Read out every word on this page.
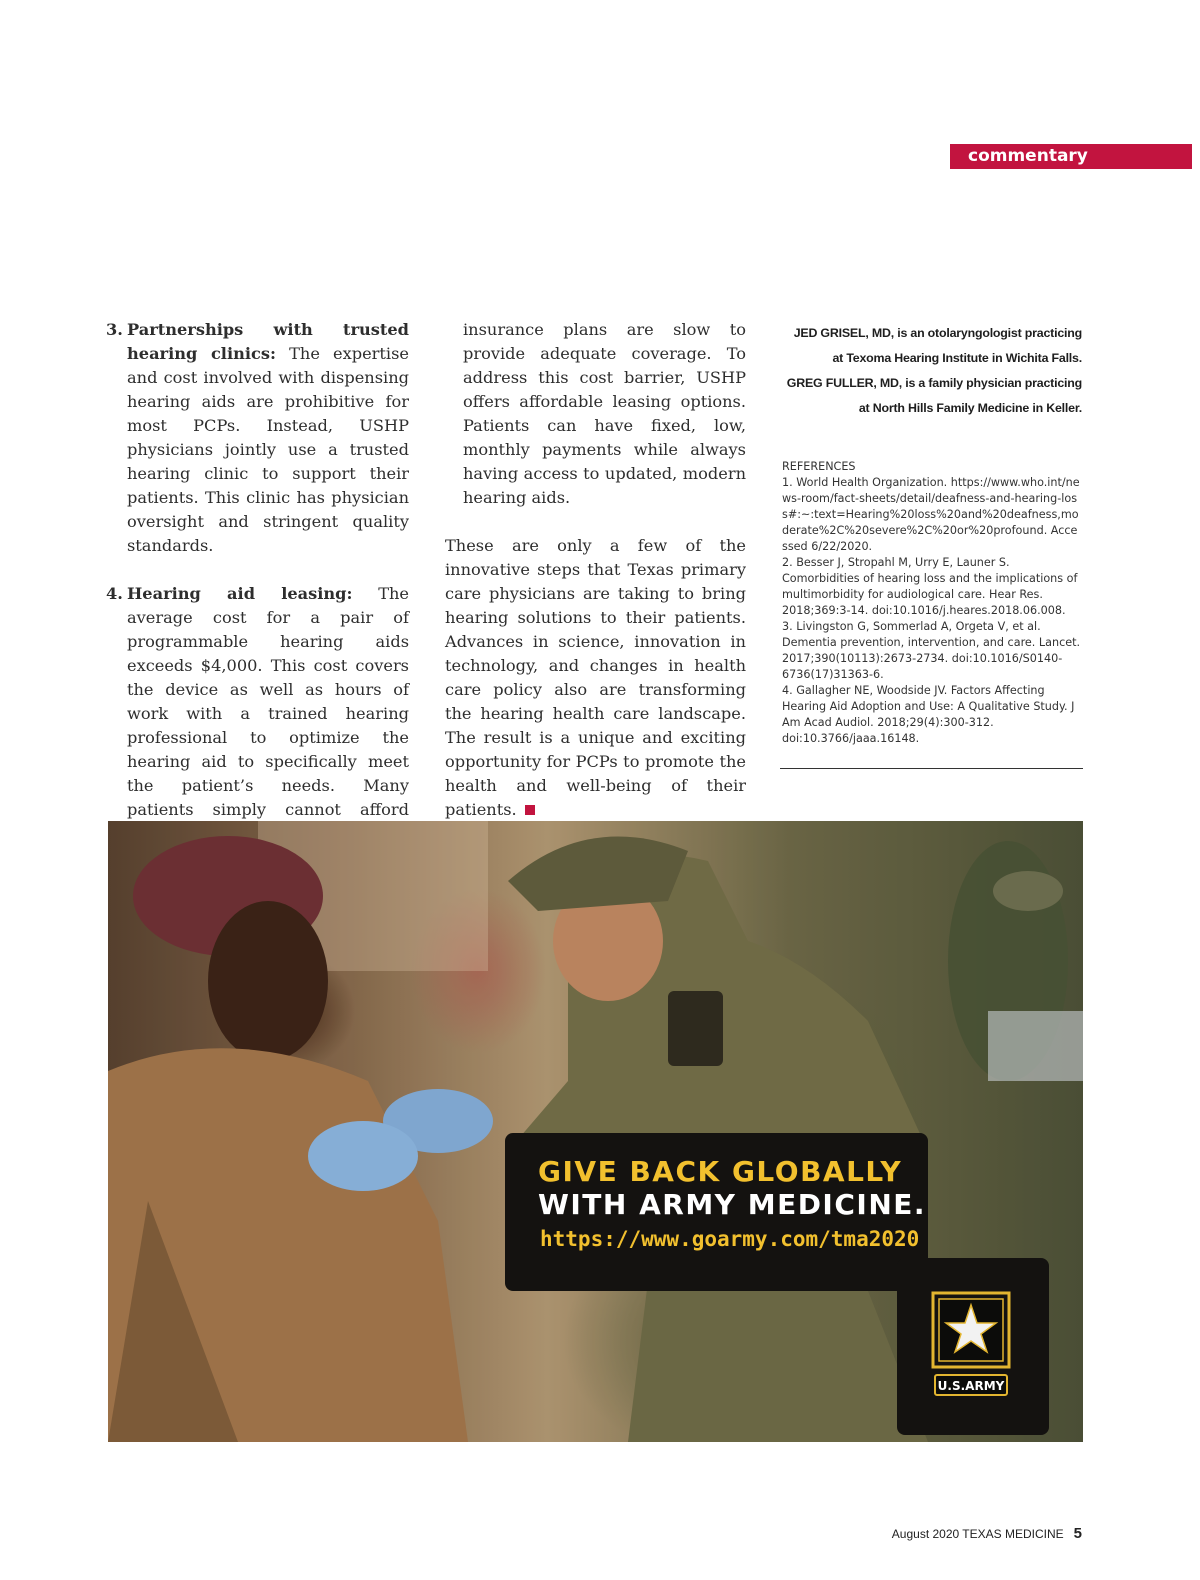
commentary
3. Partnerships with trusted hearing clinics: The expertise and cost involved with dispensing hearing aids are prohibitive for most PCPs. Instead, USHP physicians jointly use a trusted hearing clinic to support their patients. This clinic has physician oversight and stringent quality standards.
4. Hearing aid leasing: The average cost for a pair of programmable hearing aids exceeds $4,000. This cost covers the device as well as hours of work with a trained hearing professional to optimize the hearing aid to specifically meet the patient’s needs. Many patients simply cannot afford

insurance plans are slow to provide adequate coverage. To address this cost barrier, USHP offers affordable leasing options. Patients can have fixed, low, monthly payments while always having access to updated, modern hearing aids.

These are only a few of the innovative steps that Texas primary care physicians are taking to bring hearing solutions to their patients. Advances in science, innovation in technology, and changes in health care policy also are transforming the hearing health care landscape. The result is a unique and exciting opportunity for PCPs to promote the health and well-being of their patients.

JED GRISEL, MD, is an otolaryngologist practicing
at Texoma Hearing Institute in Wichita Falls.
GREG FULLER, MD, is a family physician practicing
at North Hills Family Medicine in Keller.
REFERENCES
1. World Health Organization. https://www.who.int/news-room/fact-sheets/detail/deafness-and-hearing-loss#:~:text=Hearing%20loss%20and%20deafness,moderate%2C%20severe%2C%20or%20profound. Accessed 6/22/2020.
2. Besser J, Stropahl M, Urry E, Launer S. Comorbidities of hearing loss and the implications of multimorbidity for audiological care. Hear Res. 2018;369:3-14. doi:10.1016/j.heares.2018.06.008.
3. Livingston G, Sommerlad A, Orgeta V, et al. Dementia prevention, intervention, and care. Lancet. 2017;390(10113):2673-2734. doi:10.1016/S0140-6736(17)31363-6.
4. Gallagher NE, Woodside JV. Factors Affecting Hearing Aid Adoption and Use: A Qualitative Study. J Am Acad Audiol. 2018;29(4):300-312. doi:10.3766/jaaa.16148.
GIVE BACK GLOBALLY
WITH ARMY MEDICINE.
https://www.goarmy.com/tma2020
U.S.ARMY
August 2020 TEXAS MEDICINE 5
